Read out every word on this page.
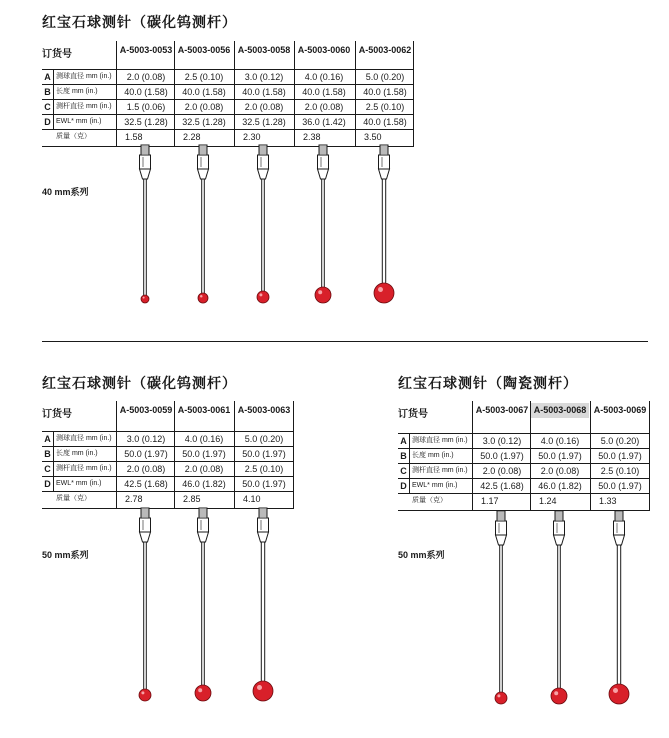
红宝石球测针（碳化钨测杆）
订货号	A-5003-0053 A-5003-0056 A-5003-0058 A-5003-0060 A-5003-0062
A 测球直径 mm (in.)	2.0 (0.08)	2.5 (0.10)	3.0 (0.12)	4.0 (0.16)	5.0 (0.20)
B 长度 mm (in.)	40.0 (1.58)	40.0 (1.58)	40.0 (1.58)	40.0 (1.58)	40.0 (1.58)
C 测杆直径 mm (in.)	1.5 (0.06)	2.0 (0.08)	2.0 (0.08)	2.0 (0.08)	2.5 (0.10)
D EWL* mm (in.)	32.5 (1.28)	32.5 (1.28)	32.5 (1.28)	36.0 (1.42)	40.0 (1.58)
质量（克）	1.58	2.28	2.30	2.38	3.50
40 mm系列
红宝石球测针（碳化钨测杆）
订货号	A-5003-0059 A-5003-0061 A-5003-0063
A 测球直径 mm (in.)	3.0 (0.12)	4.0 (0.16)	5.0 (0.20)
B 长度 mm (in.)	50.0 (1.97)	50.0 (1.97)	50.0 (1.97)
C 测杆直径 mm (in.)	2.0 (0.08)	2.0 (0.08)	2.5 (0.10)
D EWL* mm (in.)	42.5 (1.68)	46.0 (1.82)	50.0 (1.97)
质量（克）	2.78	2.85	4.10
50 mm系列
红宝石球测针（陶瓷测杆）
订货号	A-5003-0067 A-5003-0068 A-5003-0069
A 测球直径 mm (in.)	3.0 (0.12)	4.0 (0.16)	5.0 (0.20)
B 长度 mm (in.)	50.0 (1.97)	50.0 (1.97)	50.0 (1.97)
C 测杆直径 mm (in.)	2.0 (0.08)	2.0 (0.08)	2.5 (0.10)
D EWL* mm (in.)	42.5 (1.68)	46.0 (1.82)	50.0 (1.97)
质量（克）	1.17	1.24	1.33
50 mm系列
